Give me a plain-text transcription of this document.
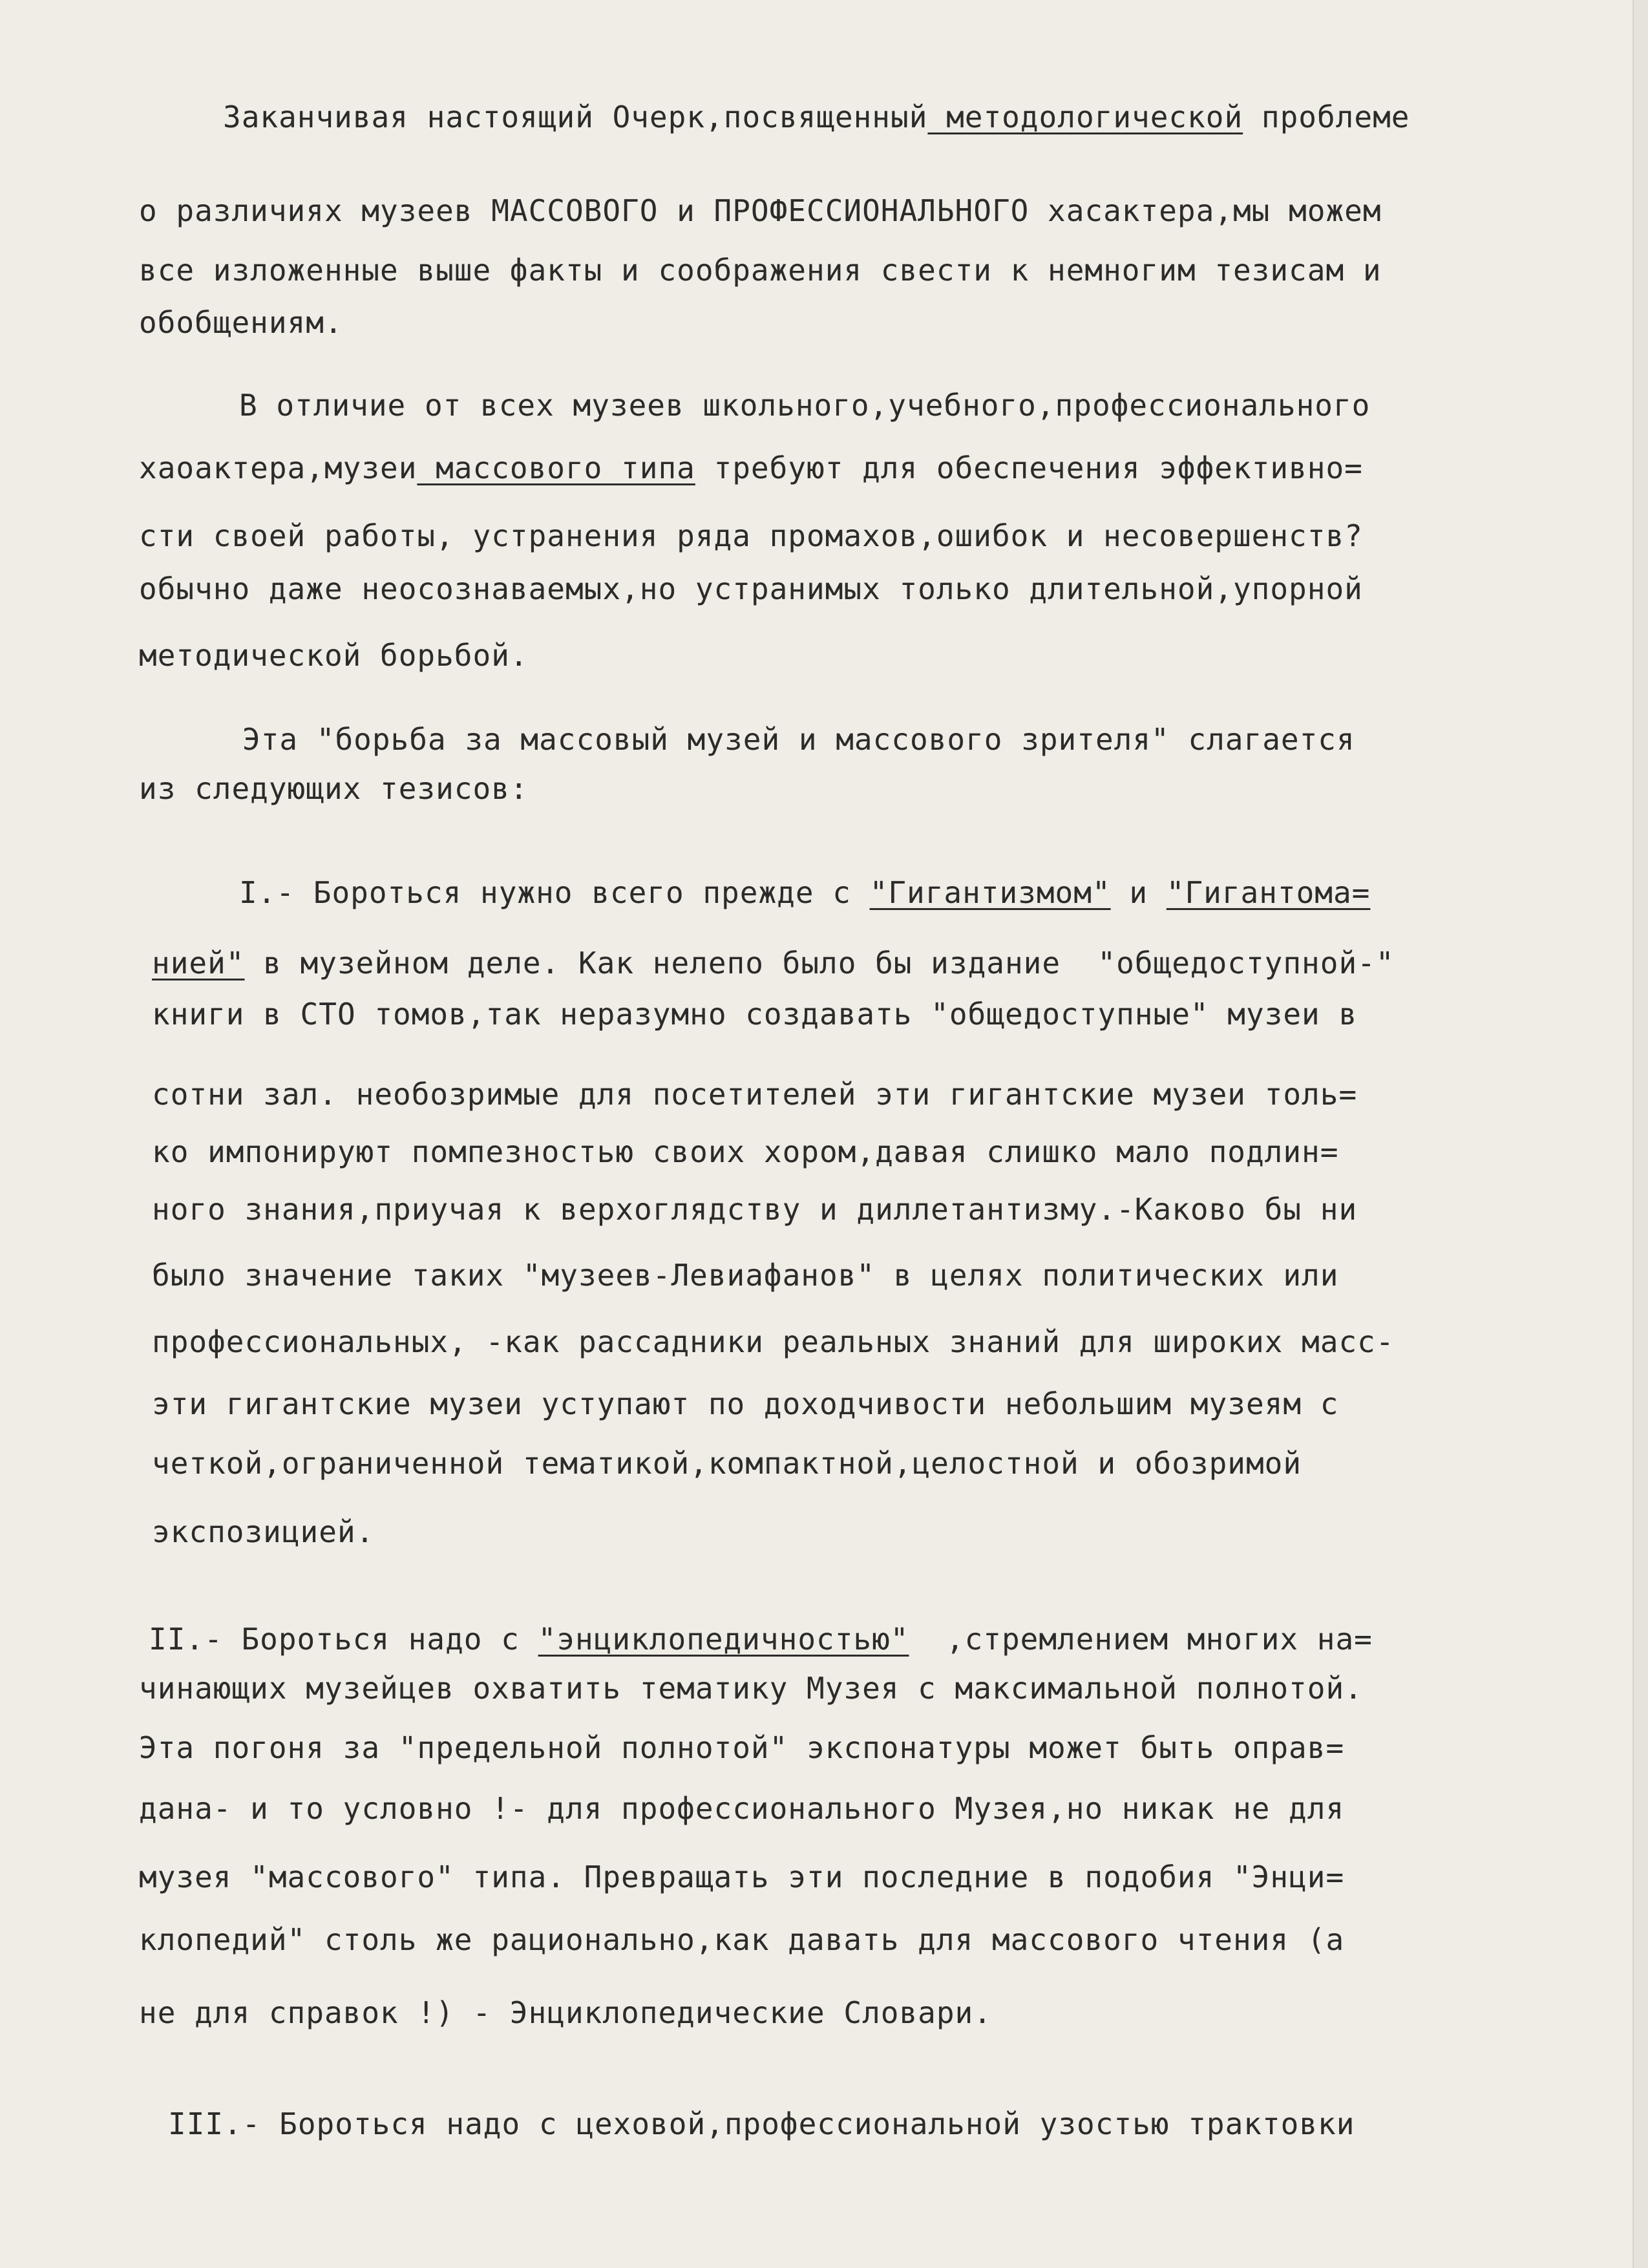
Заканчивая настоящий Очерк,посвященный методологической проблеме
о различиях музеев МАССОВОГО и ПРОФЕССИОНАЛЬНОГО хасактера,мы можем
все изложенные выше факты и соображения свести к немногим тезисам и
обобщениям.
В отличие от всех музеев школьного,учебного,профессионального
хаоактера,музеи массового типа требуют для обеспечения эффективно=
сти своей работы, устранения ряда промахов,ошибок и несовершенств?
обычно даже неосознаваемых,но устранимых только длительной,упорной
методической борьбой.
Эта "борьба за массовый музей и массового зрителя" слагается
из следующих тезисов:
I.- Бороться нужно всего прежде с "Гигантизмом" и "Гигантома=
нией" в музейном деле. Как нелепо было бы издание  "общедоступной-"
книги в СТО томов,так неразумно создавать "общедоступные" музеи в
сотни зал. необозримые для посетителей эти гигантские музеи толь=
ко импонируют помпезностью своих хором,давая слишко мало подлин=
ного знания,приучая к верхоглядству и диллетантизму.-Каково бы ни
было значение таких "музеев-Левиафанов" в целях политических или
профессиональных, -как рассадники реальных знаний для широких масс-
эти гигантские музеи уступают по доходчивости небольшим музеям с
четкой,ограниченной тематикой,компактной,целостной и обозримой
экспозицией.
II.- Бороться надо с "энциклопедичностью"  ,стремлением многих на=
чинающих музейцев охватить тематику Музея с максимальной полнотой.
Эта погоня за "предельной полнотой" экспонатуры может быть оправ=
дана- и то условно !- для профессионального Музея,но никак не для
музея "массового" типа. Превращать эти последние в подобия "Энци=
клопедий" столь же рационально,как давать для массового чтения (а
не для справок !) - Энциклопедические Словари.
III.- Бороться надо с цеховой,профессиональной узостью трактовки
